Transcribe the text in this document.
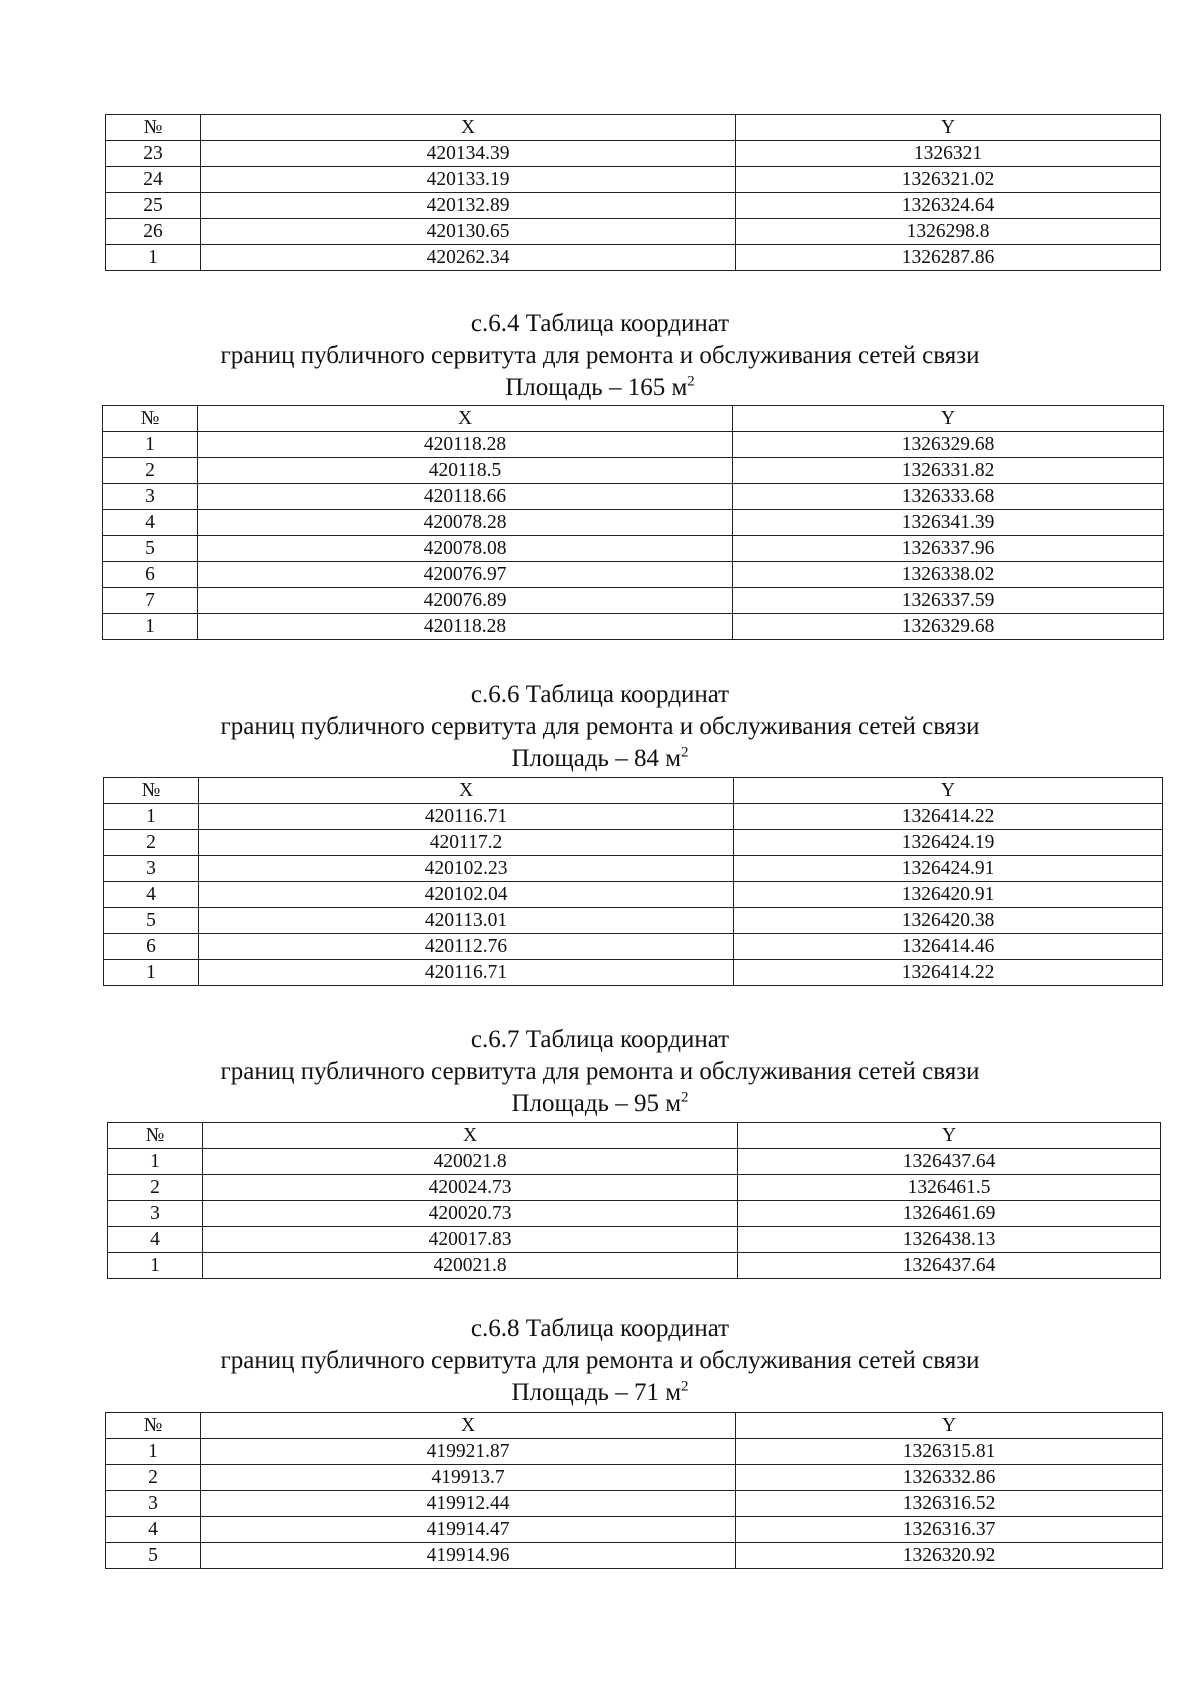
№	X	Y
23	420134.39	1326321
24	420133.19	1326321.02
25	420132.89	1326324.64
26	420130.65	1326298.8
1	420262.34	1326287.86
с.6.4 Таблица координат
границ публичного сервитута для ремонта и обслуживания сетей связи
Площадь – 165 $м^2$
№	X	Y
1	420118.28	1326329.68
2	420118.5	1326331.82
3	420118.66	1326333.68
4	420078.28	1326341.39
5	420078.08	1326337.96
6	420076.97	1326338.02
7	420076.89	1326337.59
1	420118.28	1326329.68
с.6.6 Таблица координат
границ публичного сервитута для ремонта и обслуживания сетей связи
Площадь – 84 $м^2$
№	X	Y
1	420116.71	1326414.22
2	420117.2	1326424.19
3	420102.23	1326424.91
4	420102.04	1326420.91
5	420113.01	1326420.38
6	420112.76	1326414.46
1	420116.71	1326414.22
с.6.7 Таблица координат
границ публичного сервитута для ремонта и обслуживания сетей связи
Площадь – 95 $м^2$
№	X	Y
1	420021.8	1326437.64
2	420024.73	1326461.5
3	420020.73	1326461.69
4	420017.83	1326438.13
1	420021.8	1326437.64
с.6.8 Таблица координат
границ публичного сервитута для ремонта и обслуживания сетей связи
Площадь – 71 $м^2$
№	X	Y
1	419921.87	1326315.81
2	419913.7	1326332.86
3	419912.44	1326316.52
4	419914.47	1326316.37
5	419914.96	1326320.92
